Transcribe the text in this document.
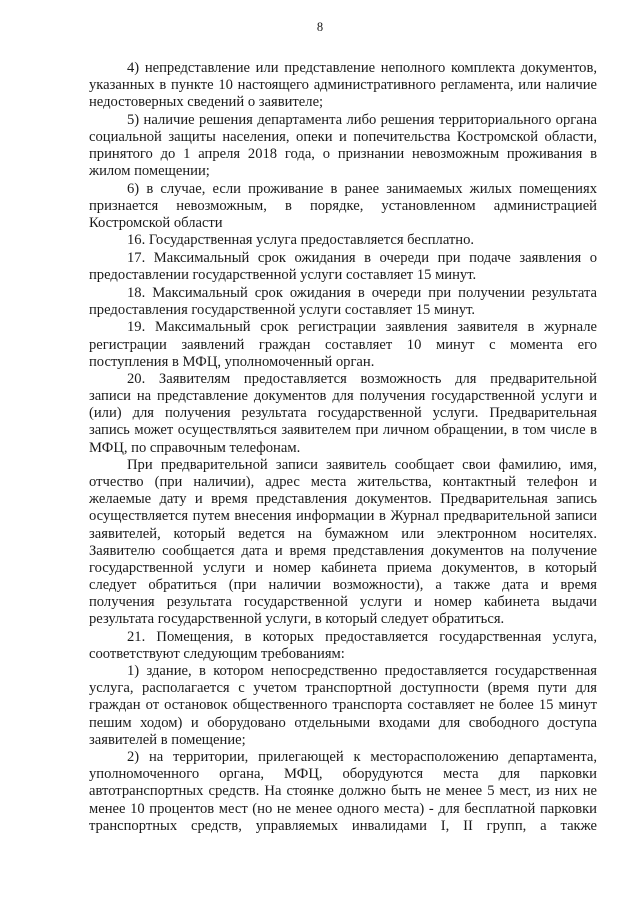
8
4) непредставление или представление неполного комплекта документов,
указанных в пункте 10 настоящего административного регламента, или наличие
недостоверных сведений о заявителе;
5) наличие решения департамента либо решения территориального органа
социальной защиты населения, опеки и попечительства Костромской области,
принятого до 1 апреля 2018 года, о признании невозможным проживания в
жилом помещении;
6) в случае, если проживание в ранее занимаемых жилых помещениях
признается невозможным, в порядке, установленном администрацией
Костромской области
16. Государственная услуга предоставляется бесплатно.
17. Максимальный срок ожидания в очереди при подаче заявления о
предоставлении государственной услуги составляет 15 минут.
18. Максимальный срок ожидания в очереди при получении результата
предоставления государственной услуги составляет 15 минут.
19. Максимальный срок регистрации заявления заявителя в журнале
регистрации заявлений граждан составляет 10 минут с момента его
поступления в МФЦ, уполномоченный орган.
20. Заявителям предоставляется возможность для предварительной
записи на представление документов для получения государственной услуги и
(или) для получения результата государственной услуги. Предварительная
запись может осуществляться заявителем при личном обращении, в том числе в
МФЦ, по справочным телефонам.
При предварительной записи заявитель сообщает свои фамилию, имя,
отчество (при наличии), адрес места жительства, контактный телефон и
желаемые дату и время представления документов. Предварительная запись
осуществляется путем внесения информации в Журнал предварительной записи
заявителей, который ведется на бумажном или электронном носителях.
Заявителю сообщается дата и время представления документов на получение
государственной услуги и номер кабинета приема документов, в который
следует обратиться (при наличии возможности), а также дата и время
получения результата государственной услуги и номер кабинета выдачи
результата государственной услуги, в который следует обратиться.
21. Помещения, в которых предоставляется государственная услуга,
соответствуют следующим требованиям:
1) здание, в котором непосредственно предоставляется государственная
услуга, располагается с учетом транспортной доступности (время пути для
граждан от остановок общественного транспорта составляет не более 15 минут
пешим ходом) и оборудовано отдельными входами для свободного доступа
заявителей в помещение;
2) на территории, прилегающей к месторасположению департамента,
уполномоченного органа, МФЦ, оборудуются места для парковки
автотранспортных средств. На стоянке должно быть не менее 5 мест, из них не
менее 10 процентов мест (но не менее одного места) - для бесплатной парковки
транспортных средств, управляемых инвалидами I, II групп, а также
